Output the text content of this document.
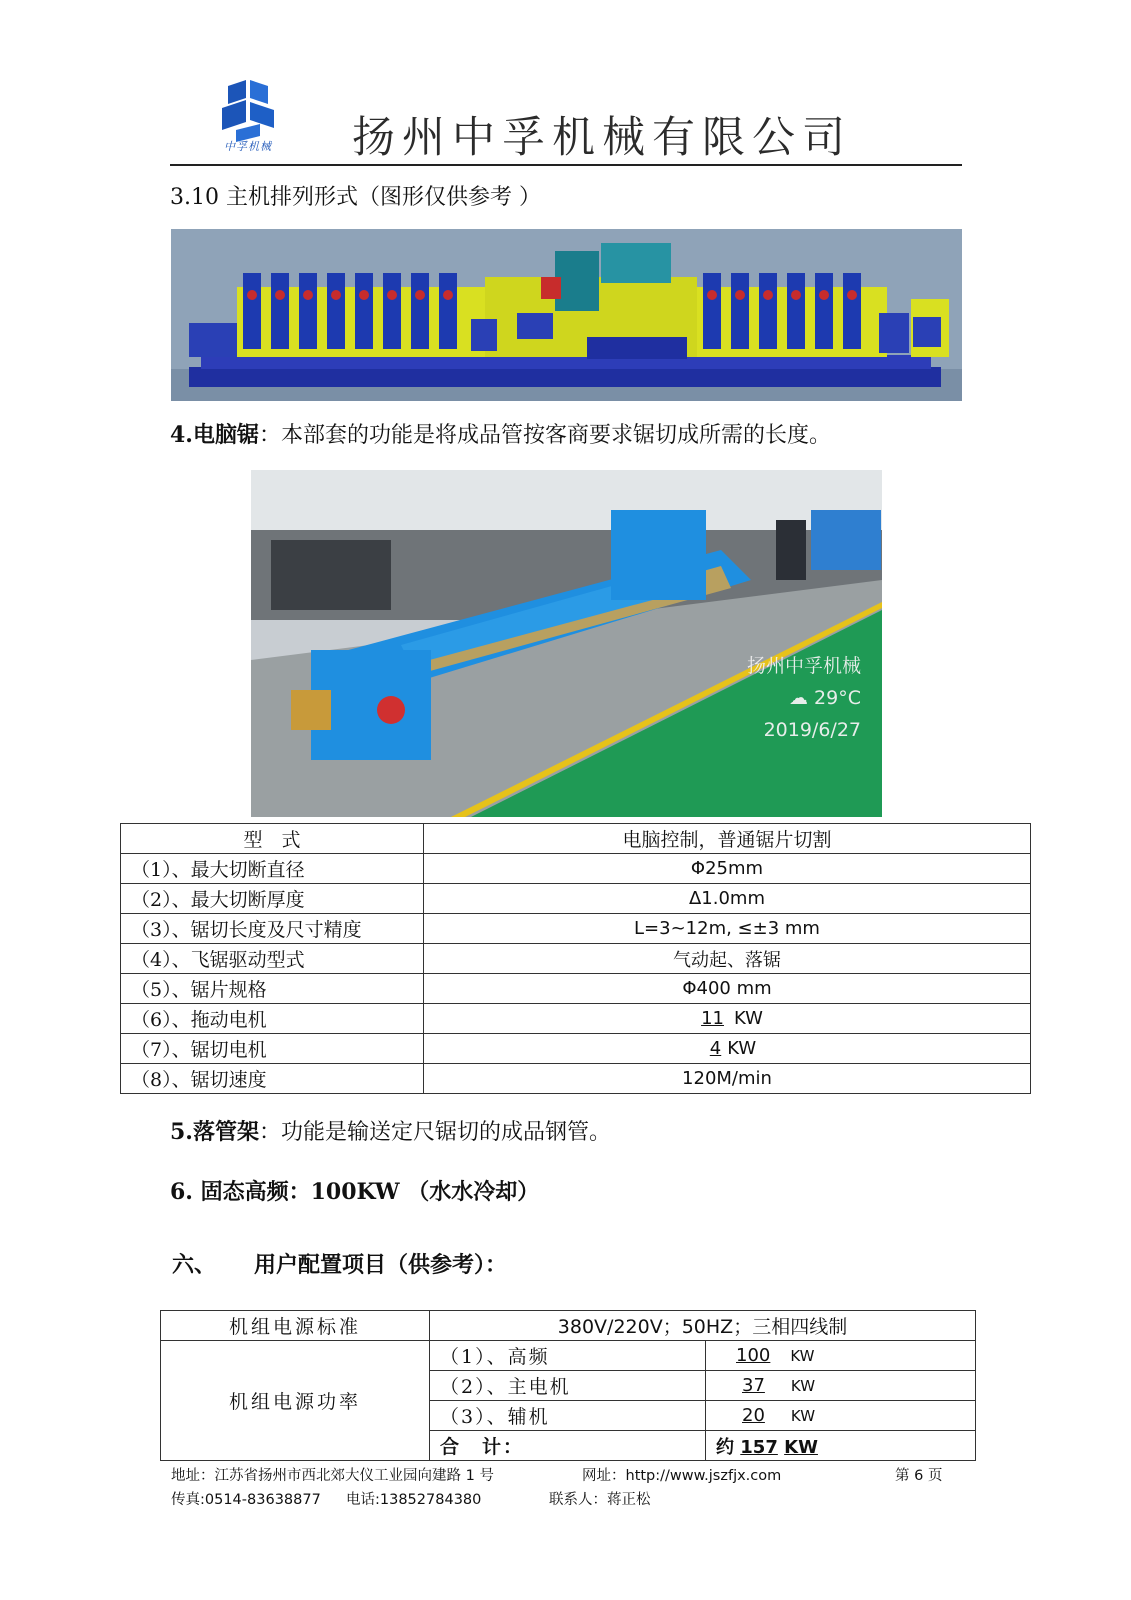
中孚机械	扬州中孚机械有限公司
3.10 主机排列形式（图形仅供参考 ）
4.电脑锯：本部套的功能是将成品管按客商要求锯切成所需的长度。
扬州中孚机械
☁ 29°C
2019/6/27
型　式	电脑控制，普通锯片切割
（1）、最大切断直径	Φ25mm
（2）、最大切断厚度	Δ1.0mm
（3）、锯切长度及尺寸精度	L=3~12m, ≤±3 mm
（4）、飞锯驱动型式	气动起、落锯
（5）、锯片规格	Φ400 mm
（6）、拖动电机	11 KW
（7）、锯切电机	4 KW
（8）、锯切速度	120M/min
5.落管架：功能是输送定尺锯切的成品钢管。
6. 固态高频：100KW （水水冷却）
六、 用户配置项目（供参考）：
机组电源标准	380V/220V；50HZ；三相四线制	
机组电源功率	（1）、高频	100 KW
	（2）、主电机	37 KW
	（3）、辅机	20 KW
	合　计：	约 157 KW
地址：江苏省扬州市西北郊大仪工业园向建路 1 号	网址：http://www.jszfjx.com	第 6 页
传真:0514-83638877 电话:13852784380	联系人：蒋正松
